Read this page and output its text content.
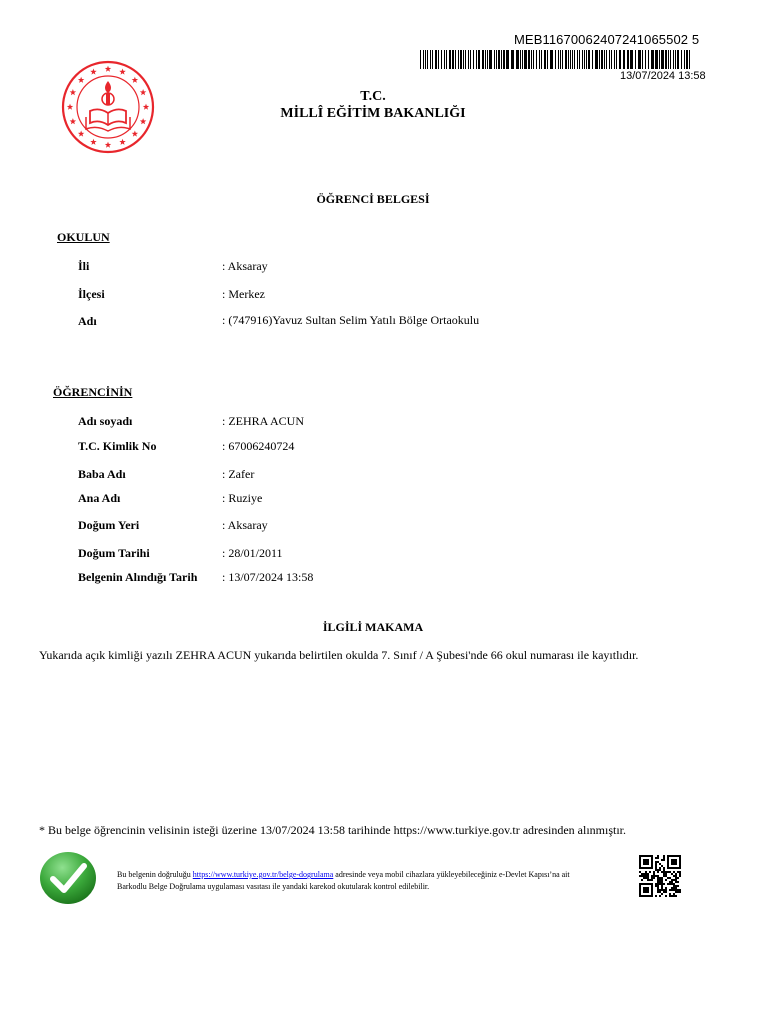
MEB11670062407241065502 5
13/07/2024 13:58
T.C.
MİLLÎ EĞİTİM BAKANLIĞI
ÖĞRENCİ BELGESİ
OKULUN
İli	: Aksaray
İlçesi	: Merkez
Adı	: (747916)Yavuz Sultan Selim Yatılı Bölge Ortaokulu
ÖĞRENCİNİN
Adı soyadı	: ZEHRA ACUN
T.C. Kimlik No	: 67006240724
Baba Adı	: Zafer
Ana Adı	: Ruziye
Doğum Yeri	: Aksaray
Doğum Tarihi	: 28/01/2011
Belgenin Alındığı Tarih : 13/07/2024 13:58
İLGİLİ MAKAMA
Yukarıda açık kimliği yazılı ZEHRA ACUN yukarıda belirtilen okulda 7. Sınıf / A Şubesi'nde 66 okul numarası ile kayıtlıdır.
* Bu belge öğrencinin velisinin isteği üzerine 13/07/2024 13:58 tarihinde https://www.turkiye.gov.tr adresinden alınmıştır.
Bu belgenin doğruluğu https://www.turkiye.gov.tr/belge-dogrulama adresinde veya mobil cihazlara yükleyebileceğiniz e-Devlet Kapısı’na ait Barkodlu Belge Doğrulama uygulaması vasıtası ile yandaki karekod okutularak kontrol edilebilir.
